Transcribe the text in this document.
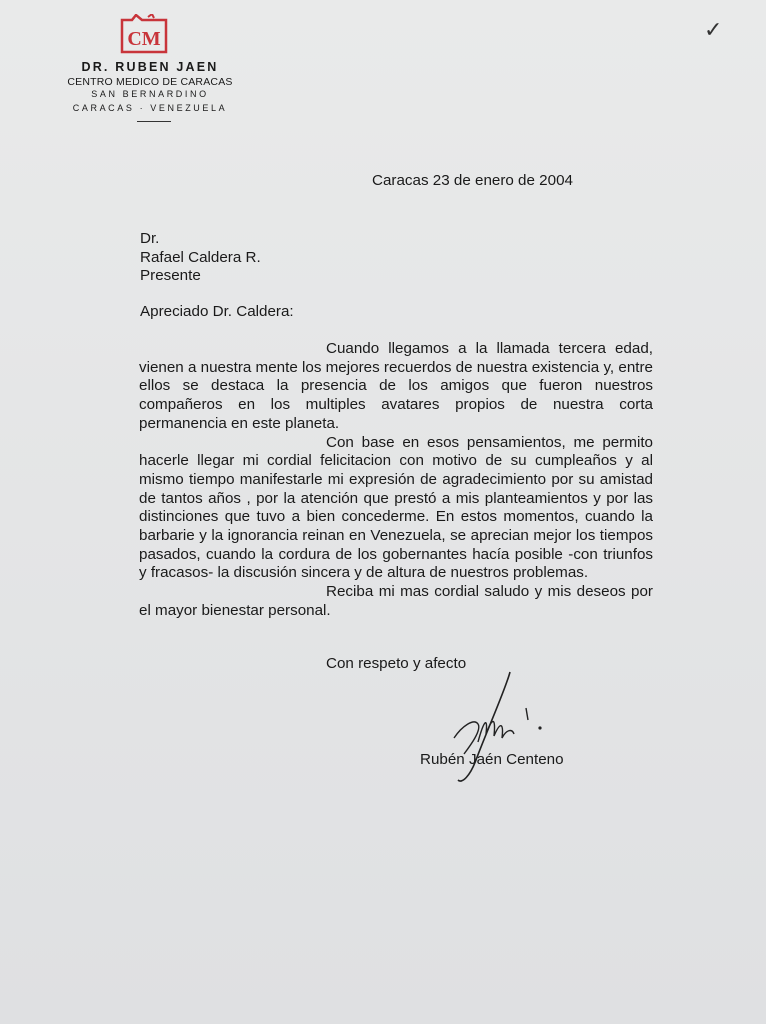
CM
DR. RUBEN JAEN
CENTRO MEDICO DE CARACAS
SAN BERNARDINO
CARACAS · VENEZUELA
✓
Caracas 23 de enero de 2004
Dr.
Rafael Caldera R.
Presente
Apreciado Dr. Caldera:

Cuando llegamos a la llamada tercera edad, vienen a nuestra mente los mejores recuerdos de nuestra existencia y, entre ellos se destaca la presencia de los amigos que fueron nuestros compañeros en los multiples avatares propios de nuestra corta permanencia en este planeta.

Con base en esos pensamientos, me permito hacerle llegar mi cordial felicitacion con motivo de su cumpleaños y al mismo tiempo manifestarle mi expresión de agradecimiento por su amistad de tantos años , por la atención que prestó a mis planteamientos y por las distinciones que tuvo a bien concederme. En estos momentos, cuando la barbarie y la ignorancia reinan en Venezuela, se aprecian mejor los tiempos pasados, cuando la cordura de los gobernantes hacía posible -con triunfos y fracasos- la discusión sincera y de altura de nuestros problemas.

Reciba mi mas cordial saludo y mis deseos por el mayor bienestar personal.

Con respeto y afecto
Rubén Jaén Centeno
